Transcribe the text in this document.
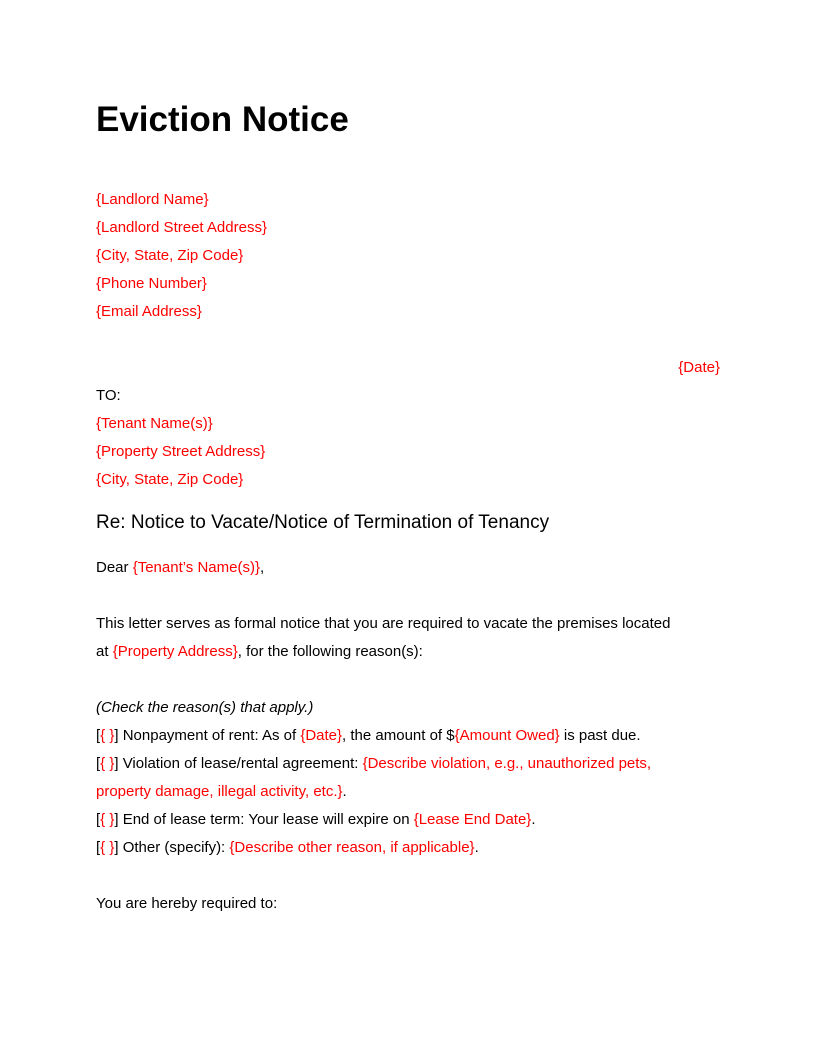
Eviction Notice

{Landlord Name}

{Landlord Street Address}

{City, State, Zip Code}

{Phone Number}

{Email Address}

{Date}

TO:

{Tenant Name(s)}

{Property Street Address}

{City, State, Zip Code}

Re: Notice to Vacate/Notice of Termination of Tenancy

Dear {Tenant’s Name(s)},

This letter serves as formal notice that you are required to vacate the premises located
at {Property Address}, for the following reason(s):

(Check the reason(s) that apply.)

[{ }] Nonpayment of rent: As of {Date}, the amount of ${Amount Owed} is past due.

[{ }] Violation of lease/rental agreement: {Describe violation, e.g., unauthorized pets,
property damage, illegal activity, etc.}.

[{ }] End of lease term: Your lease will expire on {Lease End Date}.

[{ }] Other (specify): {Describe other reason, if applicable}.

You are hereby required to:
